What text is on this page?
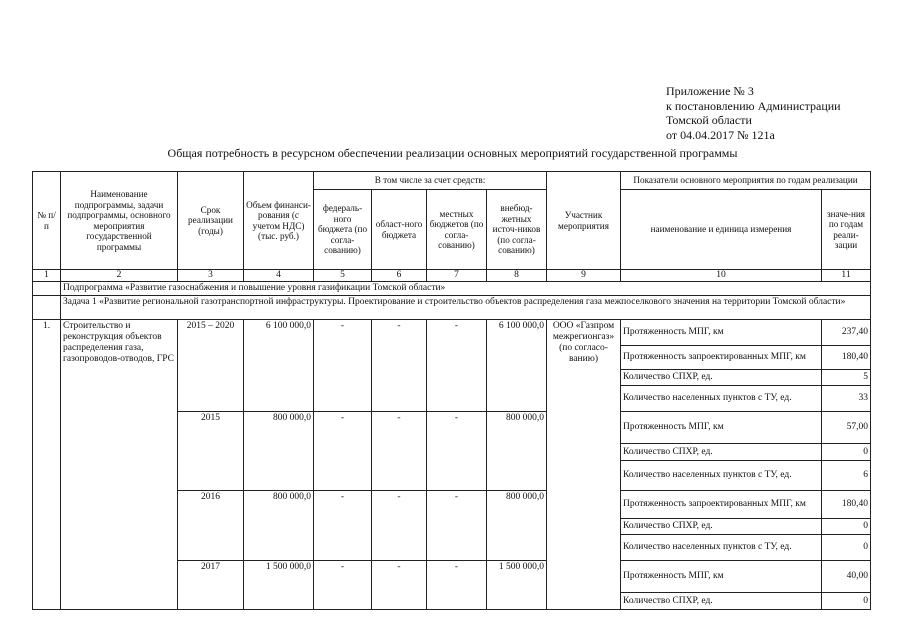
Приложение № 3
к постановлению Администрации
Томской области
от 04.04.2017 № 121а
Общая потребность в ресурсном обеспечении реализации основных мероприятий государственной программы
№ п/п	Наименование подпрограммы, задачи подпрограммы, основного мероприятия государственной программы	Срок реализации (годы)	Объем финанси-рования (с учетом НДС) (тыс. руб.)	В том числе за счет средств:				Участник мероприятия	Показатели основного мероприятия по годам реализации	
				федераль-ного бюджета (по согла-сованию)	област-ного бюджета	местных бюджетов (по согла-сованию)	внебюд-жетных источ-ников (по согла-сованию)		наименование и единица измерения	значе-ния по годам реали-зации
1	2	3	4	5	6	7	8	9	10	11
	Подпрограмма «Развитие газоснабжения и повышение уровня газификации Томской области»									
	Задача 1 «Развитие региональной газотранспортной инфраструктуры. Проектирование и строительство объектов распределения газа межпоселкового значения на территории Томской области»									
1.	Строительство и реконструкция объектов распределения газа, газопроводов-отводов, ГРС	2015 – 2020	6 100 000,0	-	-	-	6 100 000,0	ООО «Газпром межрегионгаз» (по согласо-ванию)	Протяженность МПГ, км	237,40
									Протяженность запроектированных МПГ, км	180,40
									Количество СПХР, ед.	5
									Количество населенных пунктов с ТУ, ед.	33
		2015	800 000,0	-	-	-	800 000,0		Протяженность МПГ, км	57,00
									Количество СПХР, ед.	0
									Количество населенных пунктов с ТУ, ед.	6
		2016	800 000,0	-	-	-	800 000,0		Протяженность запроектированных МПГ, км	180,40
									Количество СПХР, ед.	0
									Количество населенных пунктов с ТУ, ед.	0
		2017	1 500 000,0	-	-	-	1 500 000,0		Протяженность МПГ, км	40,00
									Количество СПХР, ед.	0
